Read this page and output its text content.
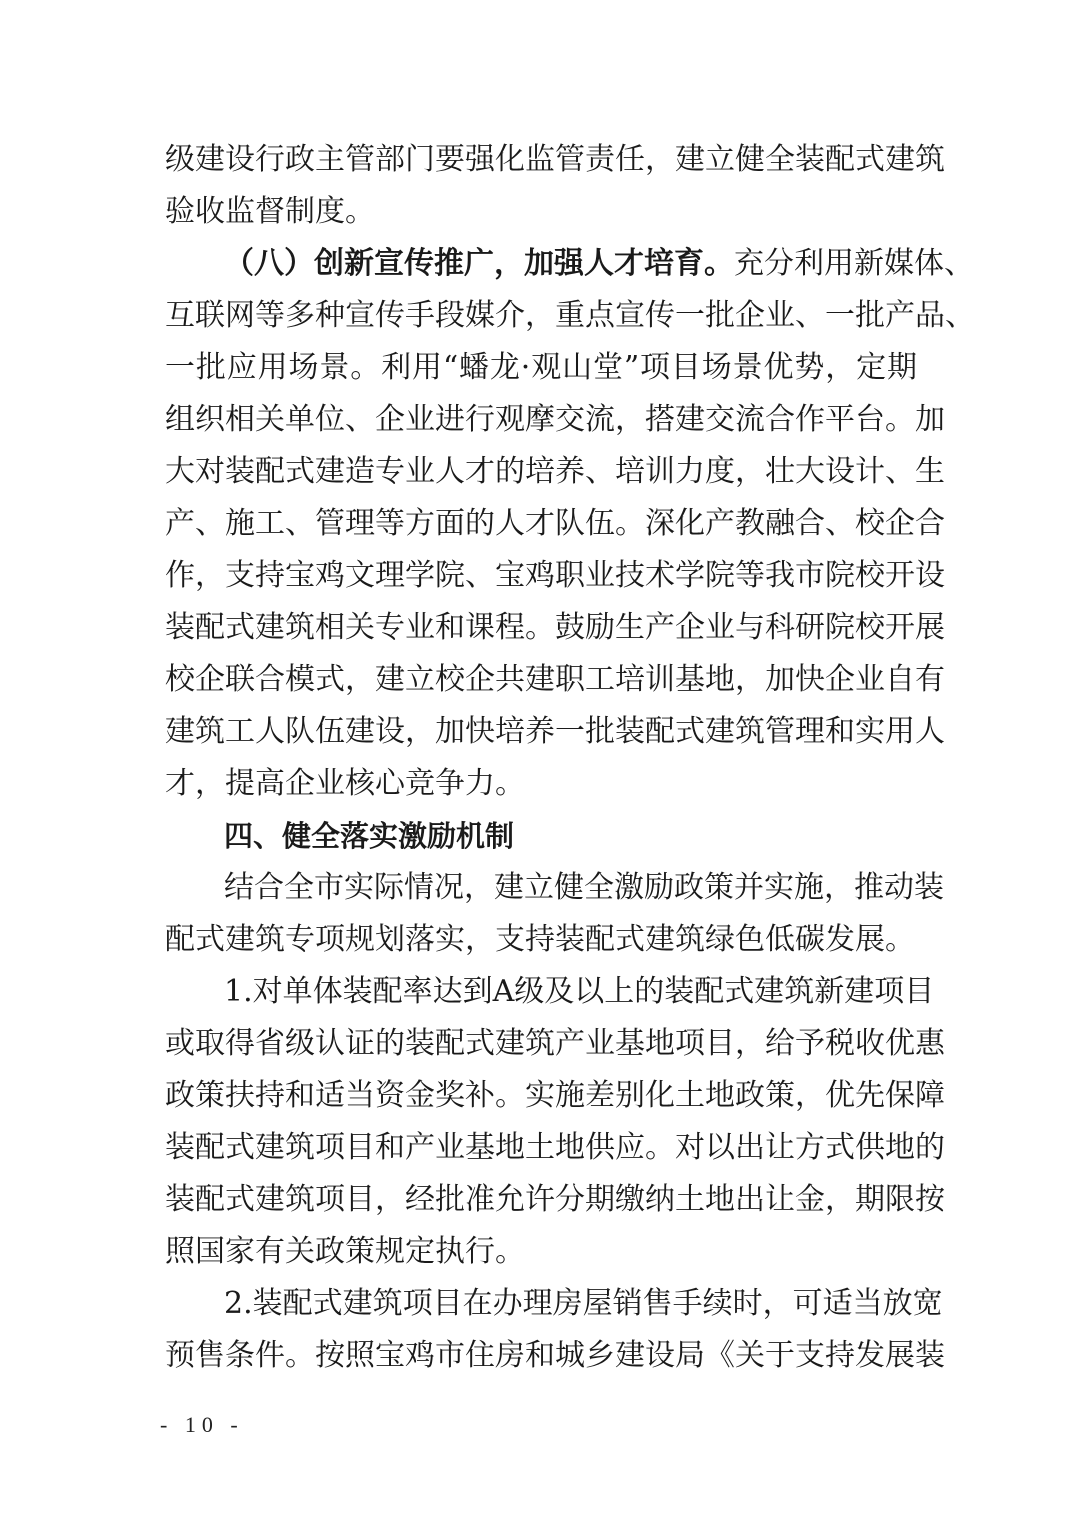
级建设行政主管部门要强化监管责任，建立健全装配式建筑
验收监督制度。
（八）创新宣传推广，加强人才培育。充分利用新媒体、
互联网等多种宣传手段媒介，重点宣传一批企业、一批产品、
一批应用场景。利用“蟠龙·观山堂”项目场景优势，定期
组织相关单位、企业进行观摩交流，搭建交流合作平台。加
大对装配式建造专业人才的培养、培训力度，壮大设计、生
产、施工、管理等方面的人才队伍。深化产教融合、校企合
作，支持宝鸡文理学院、宝鸡职业技术学院等我市院校开设
装配式建筑相关专业和课程。鼓励生产企业与科研院校开展
校企联合模式，建立校企共建职工培训基地，加快企业自有
建筑工人队伍建设，加快培养一批装配式建筑管理和实用人
才，提高企业核心竞争力。
四、健全落实激励机制
结合全市实际情况，建立健全激励政策并实施，推动装
配式建筑专项规划落实，支持装配式建筑绿色低碳发展。
1.对单体装配率达到A级及以上的装配式建筑新建项目
或取得省级认证的装配式建筑产业基地项目，给予税收优惠
政策扶持和适当资金奖补。实施差别化土地政策，优先保障
装配式建筑项目和产业基地土地供应。对以出让方式供地的
装配式建筑项目，经批准允许分期缴纳土地出让金，期限按
照国家有关政策规定执行。
2.装配式建筑项目在办理房屋销售手续时，可适当放宽
预售条件。按照宝鸡市住房和城乡建设局《关于支持发展装
- 10 -
